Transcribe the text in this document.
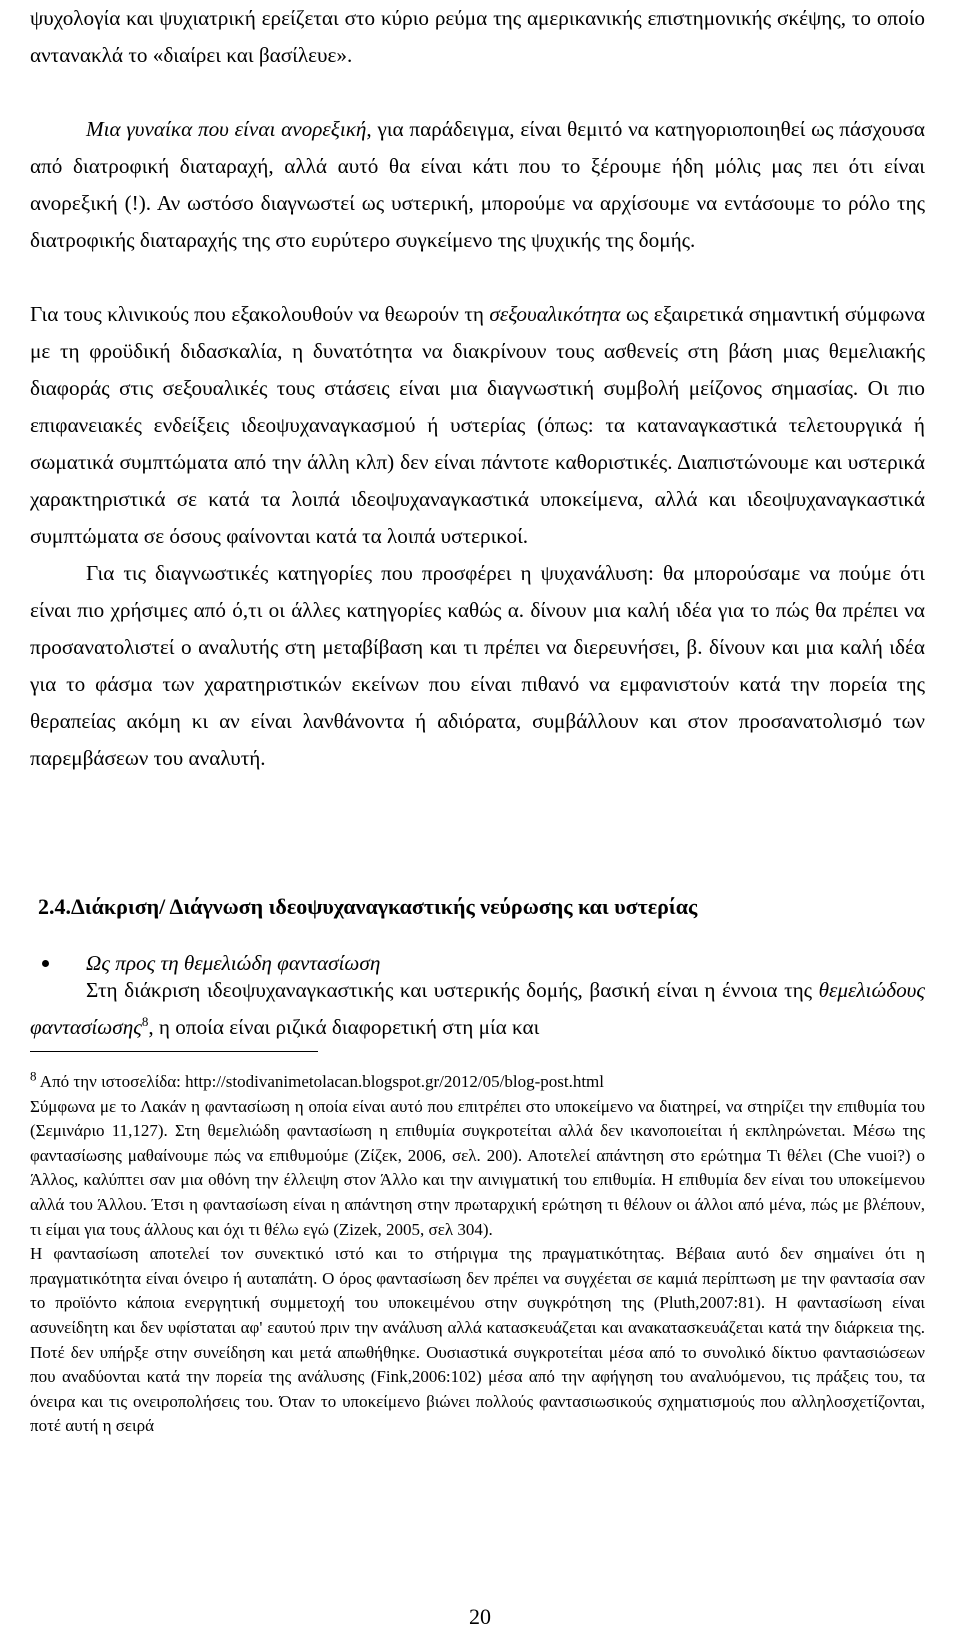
ψυχολογία και ψυχιατρική ερείζεται στο κύριο ρεύμα της αμερικανικής επιστημονικής σκέψης, το οποίο αντανακλά το «διαίρει και βασίλευε».

Μια γυναίκα που είναι ανορεξική, για παράδειγμα, είναι θεμιτό να κατηγοριοποιηθεί ως πάσχουσα από διατροφική διαταραχή, αλλά αυτό θα είναι κάτι που το ξέρουμε ήδη μόλις μας πει ότι είναι ανορεξική (!). Αν ωστόσο διαγνωστεί ως υστερική, μπορούμε να αρχίσουμε να εντάσουμε το ρόλο της διατροφικής διαταραχής της στο ευρύτερο συγκείμενο της ψυχικής της δομής.

Για τους κλινικούς που εξακολουθούν να θεωρούν τη σεξουαλικότητα ως εξαιρετικά σημαντική σύμφωνα με τη φροϋδική διδασκαλία, η δυνατότητα να διακρίνουν τους ασθενείς στη βάση μιας θεμελιακής διαφοράς στις σεξουαλικές τους στάσεις είναι μια διαγνωστική συμβολή μείζονος σημασίας. Οι πιο επιφανειακές ενδείξεις ιδεοψυχαναγκασμού ή υστερίας (όπως: τα καταναγκαστικά τελετουργικά ή σωματικά συμπτώματα από την άλλη κλπ) δεν είναι πάντοτε καθοριστικές. Διαπιστώνουμε και υστερικά χαρακτηριστικά σε κατά τα λοιπά ιδεοψυχαναγκαστικά υποκείμενα, αλλά και ιδεοψυχαναγκαστικά συμπτώματα σε όσους φαίνονται κατά τα λοιπά υστερικοί.

Για τις διαγνωστικές κατηγορίες που προσφέρει η ψυχανάλυση: θα μπορούσαμε να πούμε ότι είναι πιο χρήσιμες από ό,τι οι άλλες κατηγορίες καθώς α. δίνουν μια καλή ιδέα για το πώς θα πρέπει να προσανατολιστεί ο αναλυτής στη μεταβίβαση και τι πρέπει να διερευνήσει, β. δίνουν και μια καλή ιδέα για το φάσμα των χαρατηριστικών εκείνων που είναι πιθανό να εμφανιστούν κατά την πορεία της θεραπείας ακόμη κι αν είναι λανθάνοντα ή αδιόρατα, συμβάλλουν και στον προσανατολισμό των παρεμβάσεων του αναλυτή.

2.4.Διάκριση/ Διάγνωση ιδεοψυχαναγκαστικής νεύρωσης και υστερίας
Ως προς τη θεμελιώδη φαντασίωση

Στη διάκριση ιδεοψυχαναγκαστικής και υστερικής δομής, βασική είναι η έννοια της θεμελιώδους φαντασίωσης$^8$, η οποία είναι ριζικά διαφορετική στη μία και

$^8$ Από την ιστοσελίδα: http://stodivanimetolacan.blogspot.gr/2012/05/blog-post.html

Σύμφωνα με το Λακάν η φαντασίωση η οποία είναι αυτό που επιτρέπει στο υποκείμενο να διατηρεί, να στηρίζει την επιθυμία του (Σεμινάριο 11,127). Στη θεμελιώδη φαντασίωση η επιθυμία συγκροτείται αλλά δεν ικανοποιείται ή εκπληρώνεται. Μέσω της φαντασίωσης μαθαίνουμε πώς να επιθυμούμε (Zίζεκ, 2006, σελ. 200). Αποτελεί απάντηση στο ερώτημα Τι θέλει (Che vuoi?) ο Άλλος, καλύπτει σαν μια οθόνη την έλλειψη στον Άλλο και την αινιγματική του επιθυμία. Η επιθυμία δεν είναι του υποκείμενου αλλά του Άλλου. Έτσι η φαντασίωση είναι η απάντηση στην πρωταρχική ερώτηση τι θέλουν οι άλλοι από μένα, πώς με βλέπουν, τι είμαι για τους άλλους και όχι τι θέλω εγώ (Zizek, 2005, σελ 304).

Η φαντασίωση αποτελεί τον συνεκτικό ιστό και το στήριγμα της πραγματικότητας. Βέβαια αυτό δεν σημαίνει ότι η πραγματικότητα είναι όνειρο ή αυταπάτη. Ο όρος φαντασίωση δεν πρέπει να συγχέεται σε καμιά περίπτωση με την φαντασία σαν το προϊόντο κάποια ενεργητική συμμετοχή του υποκειμένου στην συγκρότηση της (Pluth,2007:81). Η φαντασίωση είναι ασυνείδητη και δεν υφίσταται αφ' εαυτού πριν την ανάλυση αλλά κατασκευάζεται και ανακατασκευάζεται κατά την διάρκεια της. Ποτέ δεν υπήρξε στην συνείδηση και μετά απωθήθηκε. Ουσιαστικά συγκροτείται μέσα από το συνολικό δίκτυο φαντασιώσεων που αναδύονται κατά την πορεία της ανάλυσης (Fink,2006:102) μέσα από την αφήγηση του αναλυόμενου, τις πράξεις του, τα όνειρα και τις ονειροπολήσεις του. Όταν το υποκείμενο βιώνει πολλούς φαντασιωσικούς σχηματισμούς που αλληλοσχετίζονται, ποτέ αυτή η σειρά

20
